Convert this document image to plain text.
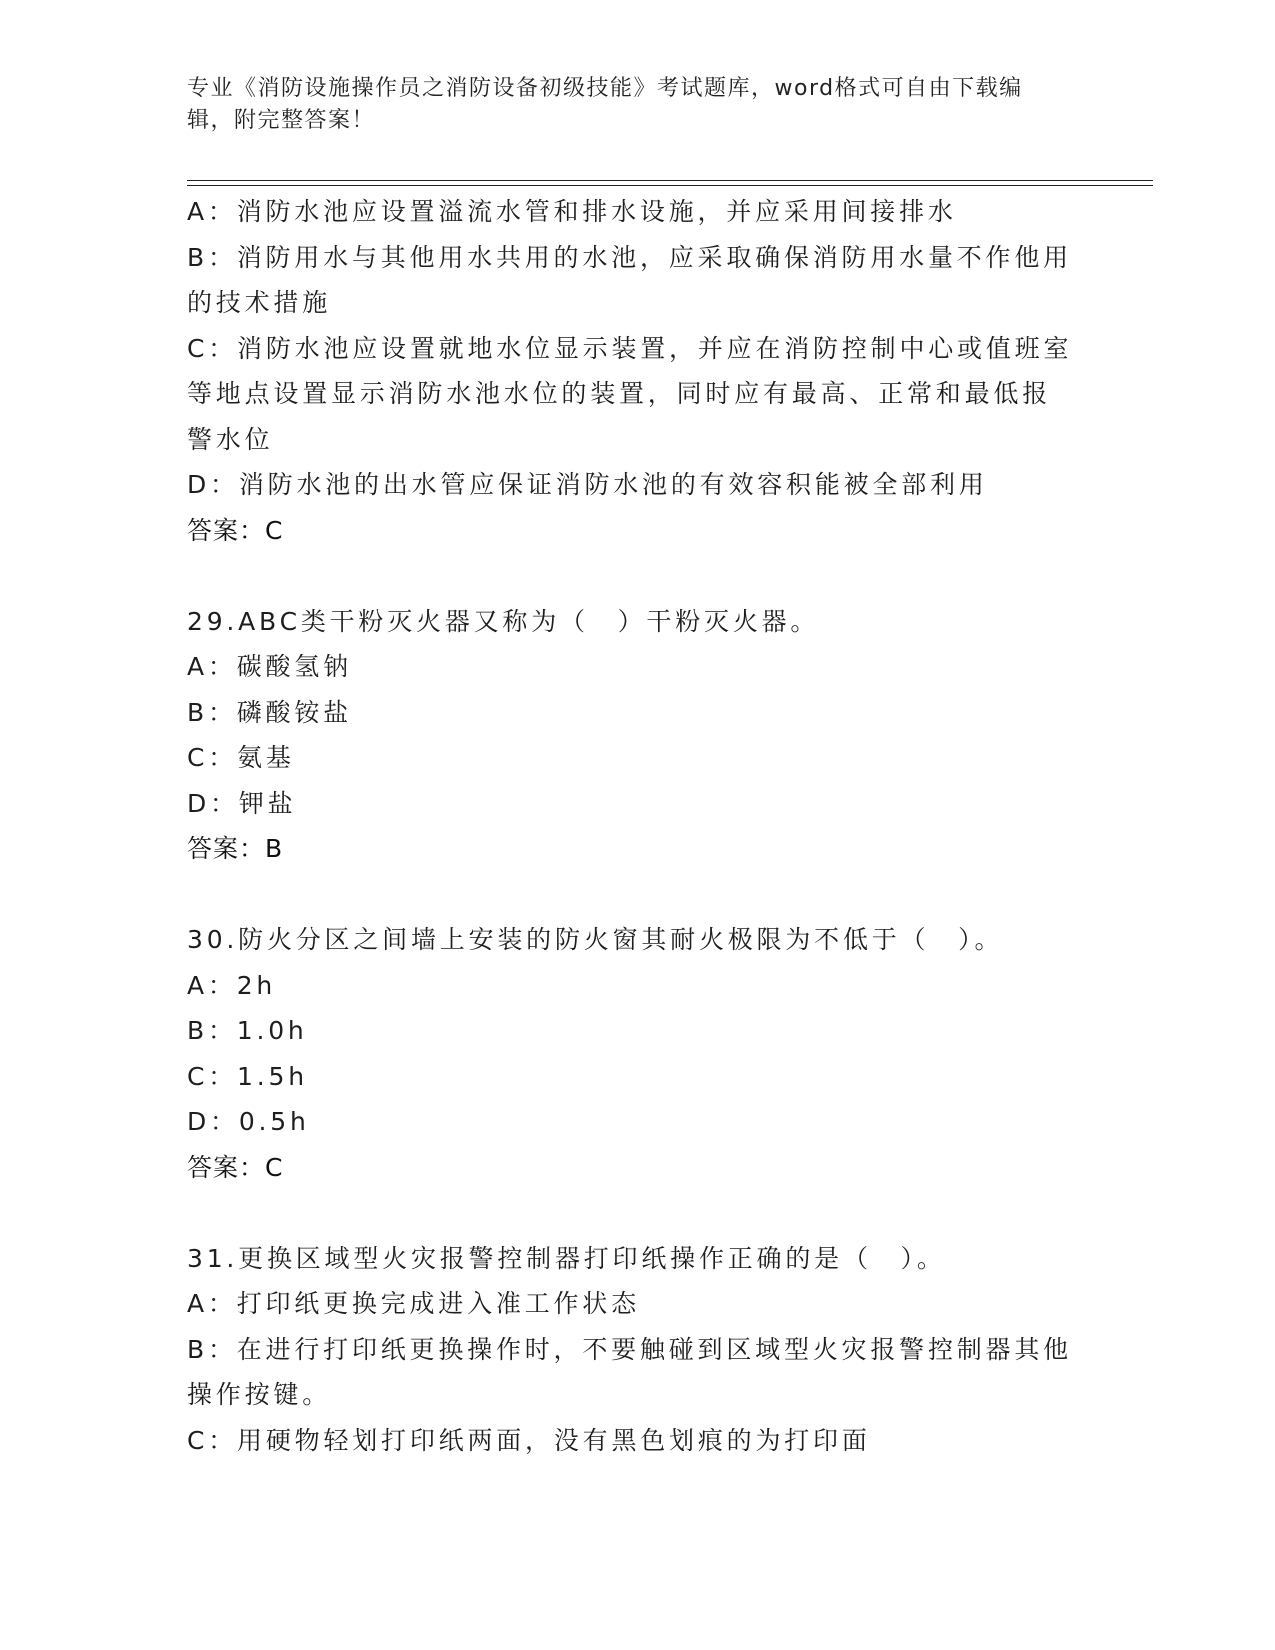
专业《消防设施操作员之消防设备初级技能》考试题库，word格式可自由下载编
辑，附完整答案！
A：消防水池应设置溢流水管和排水设施，并应采用间接排水
B：消防用水与其他用水共用的水池，应采取确保消防用水量不作他用
的技术措施
C：消防水池应设置就地水位显示装置，并应在消防控制中心或值班室
等地点设置显示消防水池水位的装置，同时应有最高、正常和最低报
警水位
D：消防水池的出水管应保证消防水池的有效容积能被全部利用
答案：C
29.ABC类干粉灭火器又称为（　）干粉灭火器。
A：碳酸氢钠
B：磷酸铵盐
C：氨基
D：钾盐
答案：B
30.防火分区之间墙上安装的防火窗其耐火极限为不低于（　）。
A：2h
B：1.0h
C：1.5h
D：0.5h
答案：C
31.更换区域型火灾报警控制器打印纸操作正确的是（　）。
A：打印纸更换完成进入准工作状态
B：在进行打印纸更换操作时，不要触碰到区域型火灾报警控制器其他
操作按键。
C：用硬物轻划打印纸两面，没有黑色划痕的为打印面
